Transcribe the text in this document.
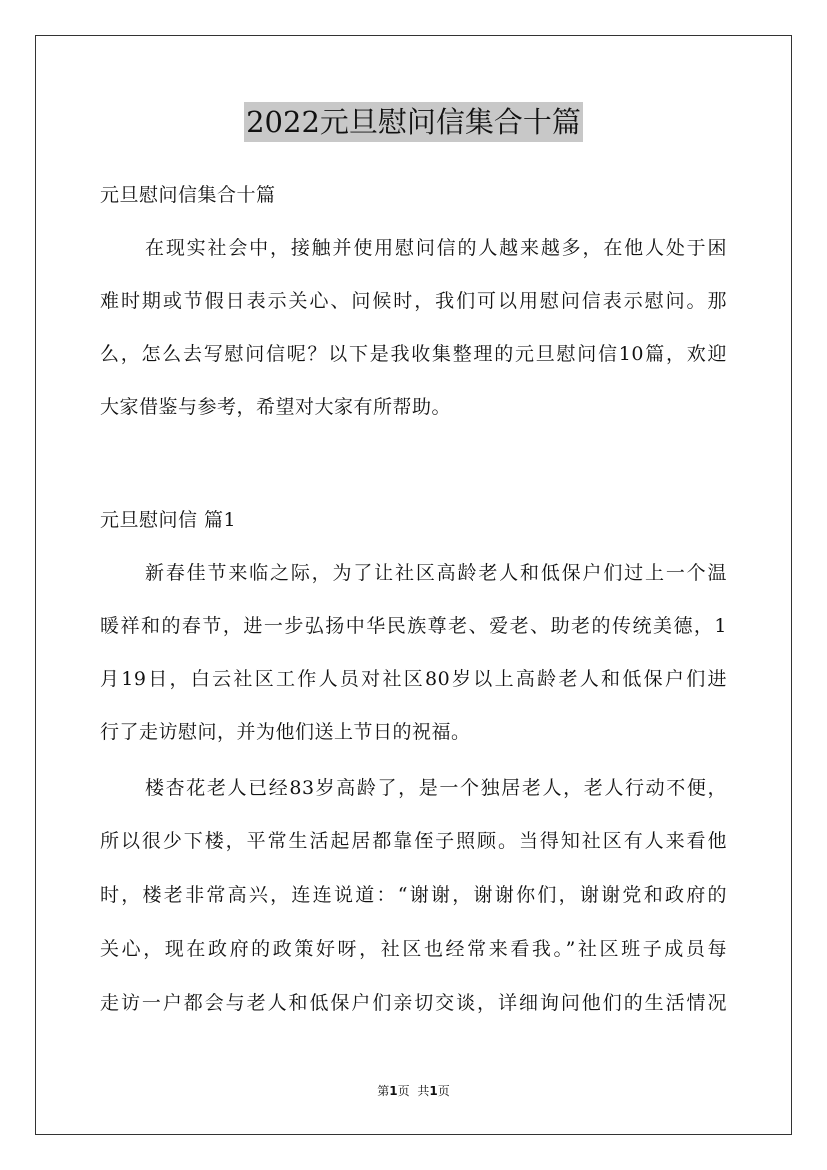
2022元旦慰问信集合十篇
元旦慰问信集合十篇
在现实社会中，接触并使用慰问信的人越来越多，在他人处于困
难时期或节假日表示关心、问候时，我们可以用慰问信表示慰问。那
么，怎么去写慰问信呢？以下是我收集整理的元旦慰问信10篇，欢迎
大家借鉴与参考，希望对大家有所帮助。
元旦慰问信 篇1
新春佳节来临之际，为了让社区高龄老人和低保户们过上一个温
暖祥和的春节，进一步弘扬中华民族尊老、爱老、助老的传统美德，1
月19日，白云社区工作人员对社区80岁以上高龄老人和低保户们进
行了走访慰问，并为他们送上节日的祝福。
楼杏花老人已经83岁高龄了，是一个独居老人，老人行动不便，
所以很少下楼，平常生活起居都靠侄子照顾。当得知社区有人来看他
时，楼老非常高兴，连连说道：“谢谢，谢谢你们，谢谢党和政府的
关心，现在政府的政策好呀，社区也经常来看我。”社区班子成员每
走访一户都会与老人和低保户们亲切交谈，详细询问他们的生活情况
第1页 共1页
